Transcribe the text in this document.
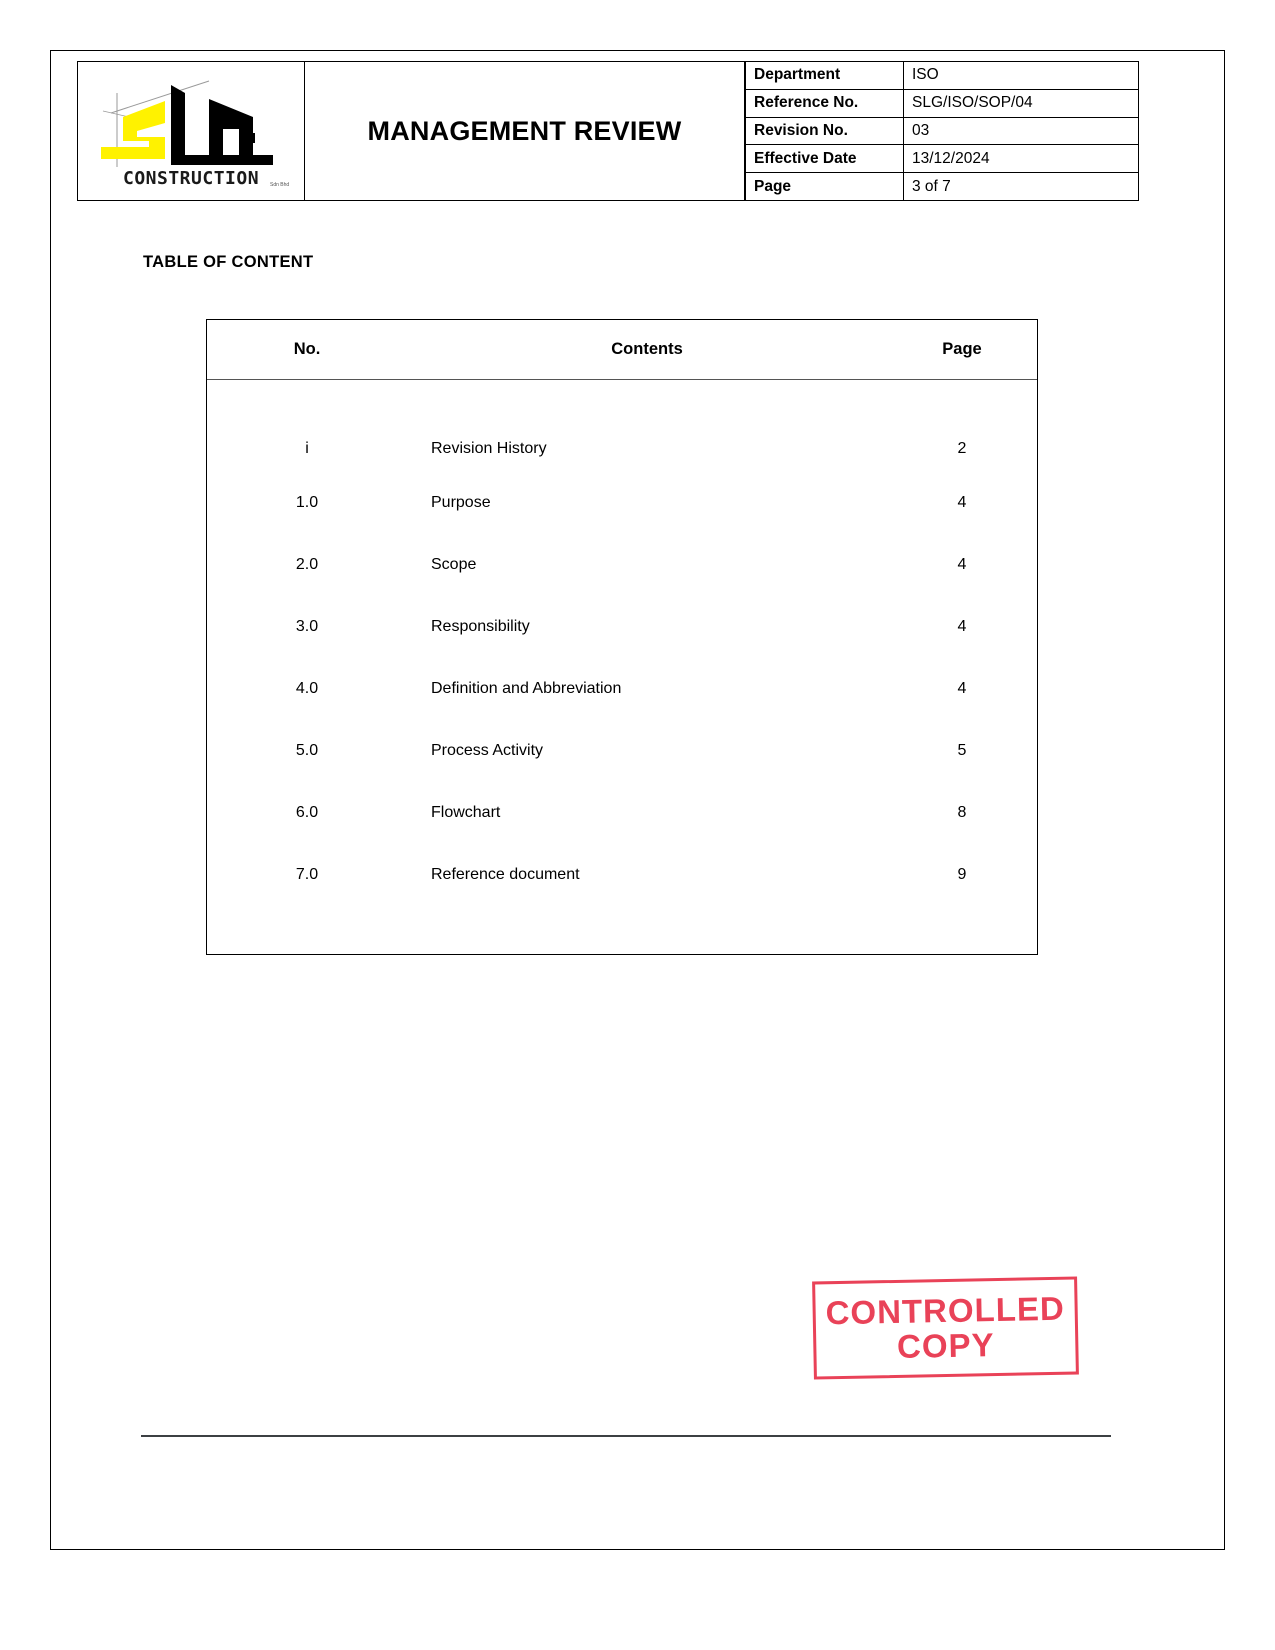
CONSTRUCTION Sdn Bhd
MANAGEMENT REVIEW
Department	ISO
Reference No.	SLG/ISO/SOP/04
Revision No.	03
Effective Date	13/12/2024
Page	3 of 7
TABLE OF CONTENT
No.	Contents	Page
i	Revision History	2
1.0	Purpose	4
2.0	Scope	4
3.0	Responsibility	4
4.0	Definition and Abbreviation	4
5.0	Process Activity	5
6.0	Flowchart	8
7.0	Reference document	9
CONTROLLED
COPY
